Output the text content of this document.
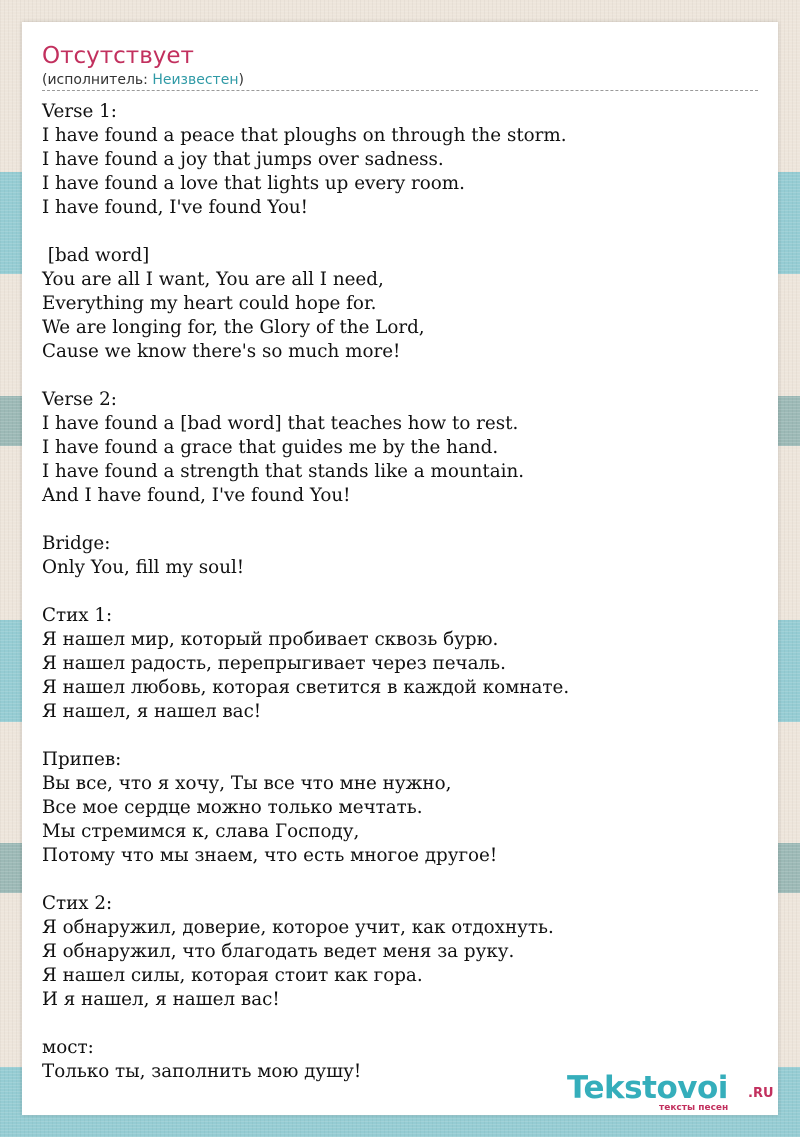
Отсутствует
(исполнитель: Неизвестен)
Verse 1:
I have found a peace that ploughs on through the storm.
I have found a joy that jumps over sadness.
I have found a love that lights up every room.
I have found, I've found You!
[bad word]
You are all I want, You are all I need,
Everything my heart could hope for.
We are longing for, the Glory of the Lord,
Cause we know there's so much more!
Verse 2:
I have found a [bad word] that teaches how to rest.
I have found a grace that guides me by the hand.
I have found a strength that stands like a mountain.
And I have found, I've found You!
Bridge:
Only You, fill my soul!
Стих 1:
Я нашел мир, который пробивает сквозь бурю.
Я нашел радость, перепрыгивает через печаль.
Я нашел любовь, которая светится в каждой комнате.
Я нашел, я нашел вас!
Припев:
Вы все, что я хочу, Ты все что мне нужно,
Все мое сердце можно только мечтать.
Мы стремимся к, слава Господу,
Потому что мы знаем, что есть многое другое!
Стих 2:
Я обнаружил, доверие, которое учит, как отдохнуть.
Я обнаружил, что благодать ведет меня за руку.
Я нашел силы, которая стоит как гора.
И я нашел, я нашел вас!
мост:
Только ты, заполнить мою душу!	Tekstovoi .RU
тексты песен
